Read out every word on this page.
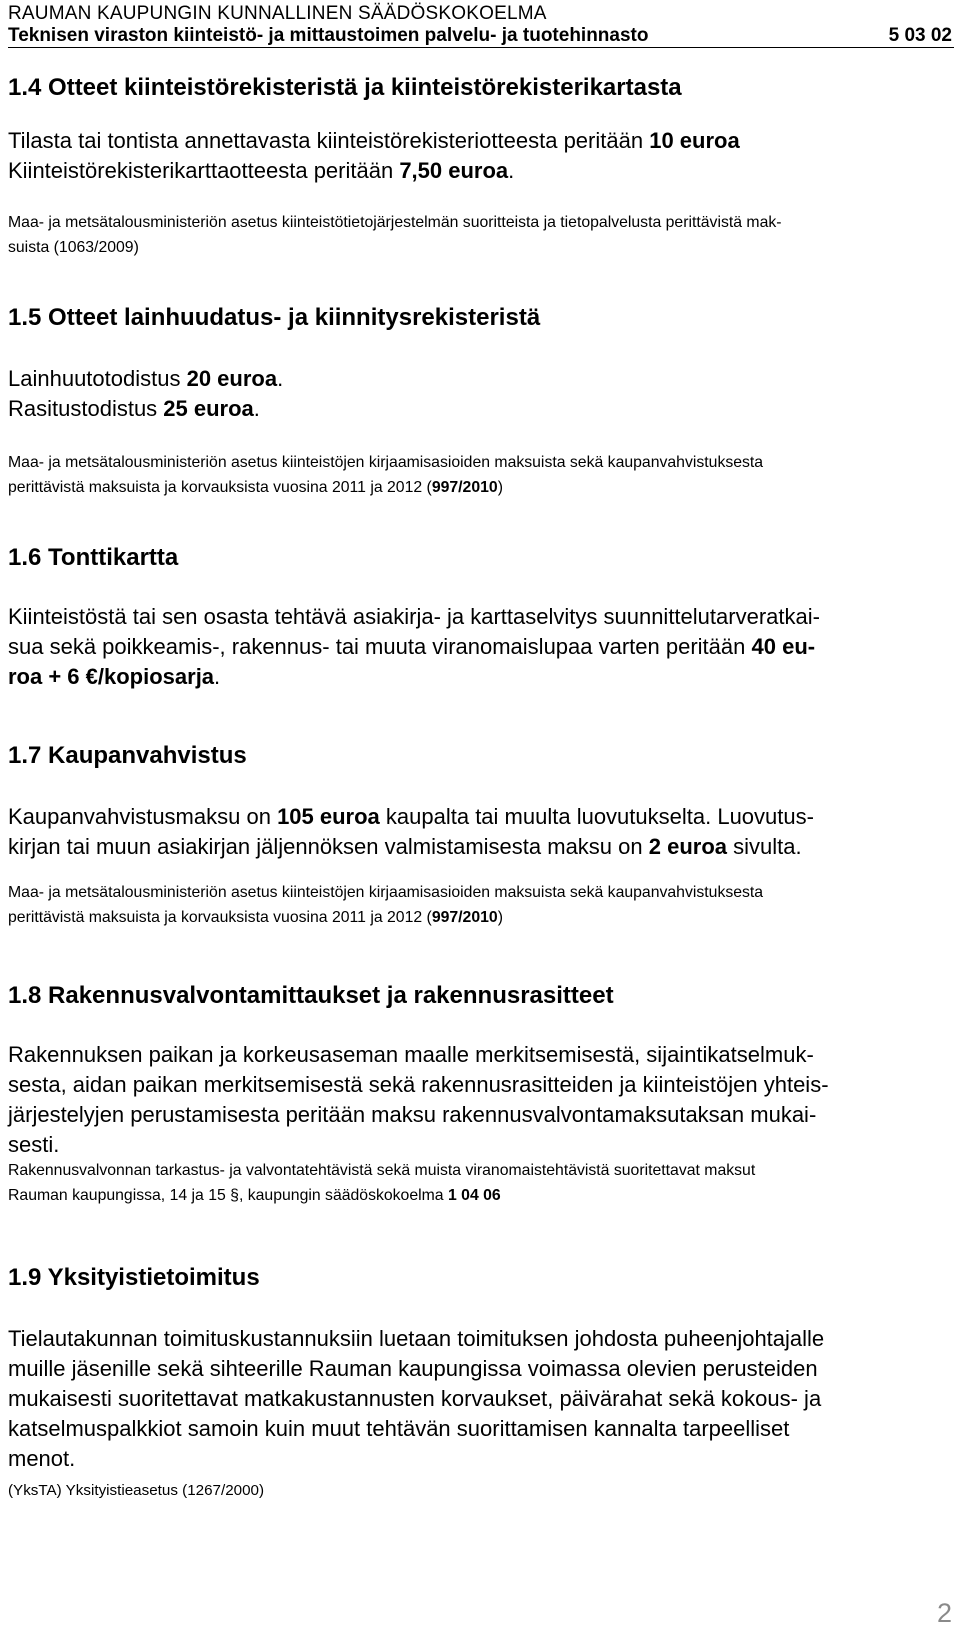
RAUMAN KAUPUNGIN KUNNALLINEN SÄÄDÖSKOKOELMA
Teknisen viraston kiinteistö- ja mittaustoimen palvelu- ja tuotehinnasto	5 03 02
1.4 Otteet kiinteistörekisteristä ja kiinteistörekisterikartasta
Tilasta tai tontista annettavasta kiinteistörekisteriotteesta peritään 10 euroa
Kiinteistörekisterikarttaotteesta peritään 7,50 euroa.
Maa- ja metsätalousministeriön asetus kiinteistötietojärjestelmän suoritteista ja tietopalvelusta perittävistä mak-
suista (1063/2009)
1.5 Otteet lainhuudatus- ja kiinnitysrekisteristä
Lainhuutotodistus 20 euroa.
Rasitustodistus 25 euroa.
Maa- ja metsätalousministeriön asetus kiinteistöjen kirjaamisasioiden maksuista sekä kaupanvahvistuksesta
perittävistä maksuista ja korvauksista vuosina 2011 ja 2012 (997/2010)
1.6 Tonttikartta
Kiinteistöstä tai sen osasta tehtävä asiakirja- ja karttaselvitys suunnittelutarveratkai-
sua sekä poikkeamis-, rakennus- tai muuta viranomaislupaa varten peritään 40 eu-
roa + 6 €/kopiosarja.
1.7 Kaupanvahvistus
Kaupanvahvistusmaksu on 105 euroa kaupalta tai muulta luovutukselta. Luovutus-
kirjan tai muun asiakirjan jäljennöksen valmistamisesta maksu on 2 euroa sivulta.
Maa- ja metsätalousministeriön asetus kiinteistöjen kirjaamisasioiden maksuista sekä kaupanvahvistuksesta
perittävistä maksuista ja korvauksista vuosina 2011 ja 2012 (997/2010)
1.8 Rakennusvalvontamittaukset ja rakennusrasitteet
Rakennuksen paikan ja korkeusaseman maalle merkitsemisestä, sijaintikatselmuk-
sesta, aidan paikan merkitsemisestä sekä rakennusrasitteiden ja kiinteistöjen yhteis-
järjestelyjen perustamisesta peritään maksu rakennusvalvontamaksutaksan mukai-
sesti.
Rakennusvalvonnan tarkastus- ja valvontatehtävistä sekä muista viranomaistehtävistä suoritettavat maksut
Rauman kaupungissa, 14 ja 15 §, kaupungin säädöskokoelma 1 04 06
1.9 Yksityistietoimitus
Tielautakunnan toimituskustannuksiin luetaan toimituksen johdosta puheenjohtajalle
muille jäsenille sekä sihteerille Rauman kaupungissa voimassa olevien perusteiden
mukaisesti suoritettavat matkakustannusten korvaukset, päivärahat sekä kokous- ja
katselmuspalkkiot samoin kuin muut tehtävän suorittamisen kannalta tarpeelliset
menot.
(YksTA) Yksityistieasetus (1267/2000)
2
